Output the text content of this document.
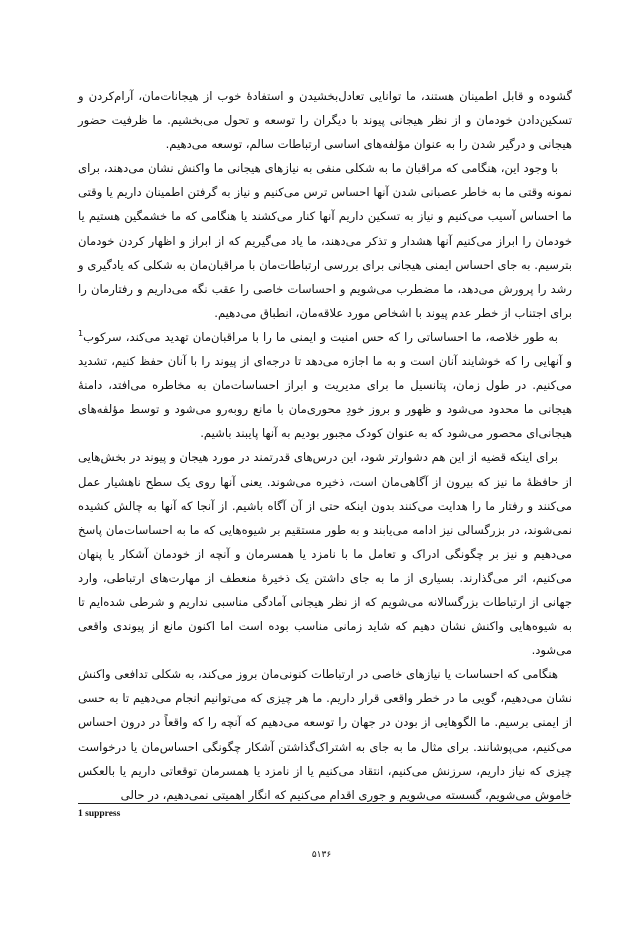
گشوده و قابل اطمینان هستند، ما توانایی تعادل‌بخشیدن و استفادهٔ خوب از هیجانات‌مان، آرام‌کردن و تسکین‌دادن خودمان و از نظر هیجانی پیوند با دیگران را توسعه و تحول می‌بخشیم. ما ظرفیت حضور هیجانی و درگیر شدن را به عنوان مؤلفه‌های اساسی ارتباطات سالم، توسعه می‌دهیم.

با وجود این، هنگامی که مراقبان ما به شکلی منفی به نیازهای هیجانی ما واکنش نشان می‌دهند، برای نمونه وقتی ما به خاطر عصبانی شدن آنها احساس ترس می‌کنیم و نیاز به گرفتن اطمینان داریم یا وقتی ما احساس آسیب می‌کنیم و نیاز به تسکین داریم آنها کنار می‌کشند یا هنگامی که ما خشمگین هستیم یا خودمان را ابراز می‌کنیم آنها هشدار و تذکر می‌دهند، ما یاد می‌گیریم که از ابراز و اظهار کردن خودمان بترسیم. به جای احساس ایمنی هیجانی برای بررسی ارتباطات‌مان با مراقبان‌مان به شکلی که یادگیری و رشد را پرورش می‌دهد، ما مضطرب می‌شویم و احساسات خاصی را عقب نگه می‌داریم و رفتارمان را برای اجتناب از خطر عدم پیوند با اشخاص مورد علاقه‌مان، انطباق می‌دهیم.

به طور خلاصه، ما احساساتی را که حس امنیت و ایمنی ما را با مراقبان‌مان تهدید می‌کند، سرکوب$^1$ و آنهایی را که خوشایند آنان است و به ما اجازه می‌دهد تا درجه‌ای از پیوند را با آنان حفظ کنیم، تشدید می‌کنیم. در طول زمان، پتانسیل ما برای مدیریت و ابراز احساسات‌مان به مخاطره می‌افتد، دامنهٔ هیجانی ما محدود می‌شود و ظهور و بروز خودِ محوری‌مان با مانع روبه‌رو می‌شود و توسط مؤلفه‌های هیجانی‌ای محصور می‌شود که به عنوان کودک مجبور بودیم به آنها پایبند باشیم.

برای اینکه قضیه از این هم دشوارتر شود، این درس‌های قدرتمند در مورد هیجان و پیوند در بخش‌هایی از حافظهٔ ما نیز که بیرون از آگاهی‌مان است، ذخیره می‌شوند. یعنی آنها روی یک سطح ناهشیار عمل می‌کنند و رفتار ما را هدایت می‌کنند بدون اینکه حتی از آن آگاه باشیم. از آنجا که آنها به چالش کشیده نمی‌شوند، در بزرگسالی نیز ادامه می‌یابند و به طور مستقیم بر شیوه‌هایی که ما به احساسات‌مان پاسخ می‌دهیم و نیز بر چگونگی ادراک و تعامل ما با نامزد یا همسرمان و آنچه از خودمان آشکار یا پنهان می‌کنیم، اثر می‌گذارند. بسیاری از ما به جای داشتن یک ذخیرهٔ منعطف از مهارت‌های ارتباطی، وارد جهانی از ارتباطات بزرگسالانه می‌شویم که از نظر هیجانی آمادگی مناسبی نداریم و شرطی شده‌ایم تا به شیوه‌هایی واکنش نشان دهیم که شاید زمانی مناسب بوده است اما اکنون مانع از پیوندی واقعی می‌شود.

هنگامی که احساسات یا نیازهای خاصی در ارتباطات کنونی‌مان بروز می‌کند، به شکلی تدافعی واکنش نشان می‌دهیم، گویی ما در خطر واقعی قرار داریم. ما هر چیزی که می‌توانیم انجام می‌دهیم تا به حسی از ایمنی برسیم. ما الگوهایی از بودن در جهان را توسعه می‌دهیم که آنچه را که واقعاً در درون احساس می‌کنیم، می‌پوشانند. برای مثال ما به جای به اشتراک‌گذاشتن آشکار چگونگی احساس‌مان یا درخواست چیزی که نیاز داریم، سرزنش می‌کنیم، انتقاد می‌کنیم یا از نامزد یا همسرمان توقعاتی داریم یا بالعکس خاموش می‌شویم، گسسته می‌شویم و جوری اقدام می‌کنیم که انگار اهمیتی نمی‌دهیم، در حالی

1 suppress
۵۱۳۶
